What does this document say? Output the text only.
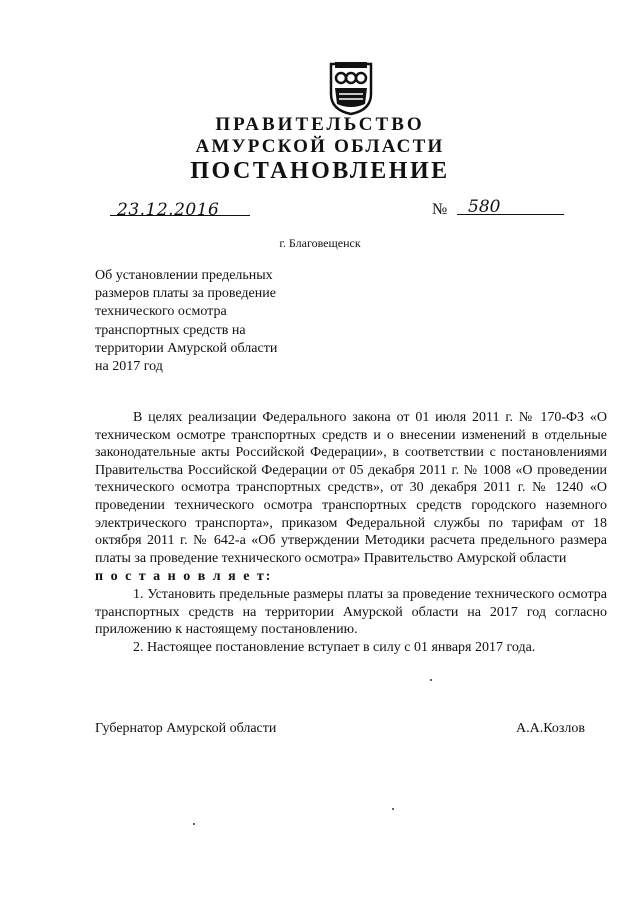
ПРАВИТЕЛЬСТВО
АМУРСКОЙ ОБЛАСТИ
ПОСТАНОВЛЕНИЕ
23.12.2016	№ 580
г. Благовещенск
Об установлении предельных
размеров платы за проведение
технического осмотра
транспортных средств на
территории Амурской области
на 2017 год

В целях реализации Федерального закона от 01 июля 2011 г. № 170-ФЗ «О техническом осмотре транспортных средств и о внесении изменений в отдельные законодательные акты Российской Федерации», в соответствии с постановлениями Правительства Российской Федерации от 05 декабря 2011 г. № 1008 «О проведении технического осмотра транспортных средств», от 30 декабря 2011 г. № 1240 «О проведении технического осмотра транспортных средств городского наземного электрического транспорта», приказом Федеральной службы по тарифам от 18 октября 2011 г. № 642-а «Об утверждении Методики расчета предельного размера платы за проведение технического осмотра» Правительство Амурской области

п о с т а н о в л я е т:

1. Установить предельные размеры платы за проведение технического осмотра транспортных средств на территории Амурской области на 2017 год согласно приложению к настоящему постановлению.

2. Настоящее постановление вступает в силу с 01 января 2017 года.

Губернатор Амурской области	А.А.Козлов
